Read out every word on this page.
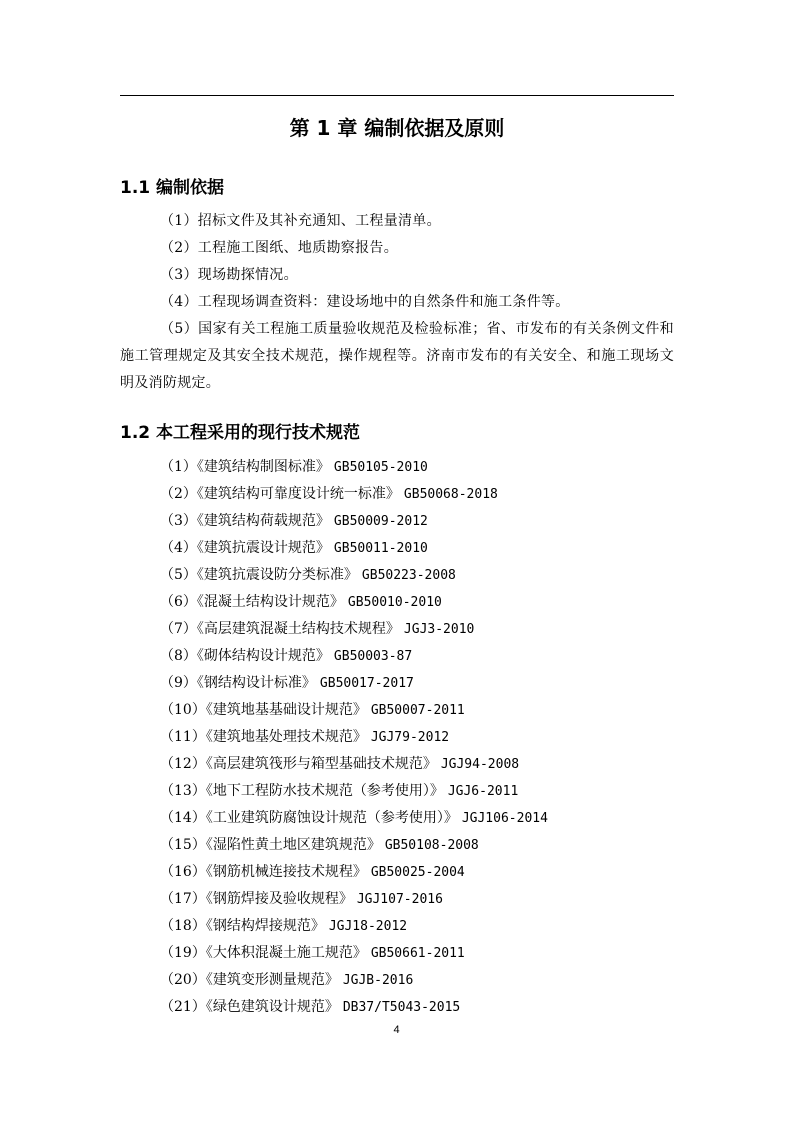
第 1 章 编制依据及原则
1.1 编制依据
（1）招标文件及其补充通知、工程量清单。
（2）工程施工图纸、地质勘察报告。
（3）现场勘探情况。
（4）工程现场调查资料：建设场地中的自然条件和施工条件等。
（5）国家有关工程施工质量验收规范及检验标准；省、市发布的有关条例文件和施工管理规定及其安全技术规范，操作规程等。济南市发布的有关安全、和施工现场文明及消防规定。
1.2 本工程采用的现行技术规范
（1）《建筑结构制图标准》 GB50105-2010
（2）《建筑结构可靠度设计统一标准》 GB50068-2018
（3）《建筑结构荷载规范》 GB50009-2012
（4）《建筑抗震设计规范》 GB50011-2010
（5）《建筑抗震设防分类标准》 GB50223-2008
（6）《混凝土结构设计规范》 GB50010-2010
（7）《高层建筑混凝土结构技术规程》 JGJ3-2010
（8）《砌体结构设计规范》 GB50003-87
（9）《钢结构设计标准》 GB50017-2017
（10）《建筑地基基础设计规范》 GB50007-2011
（11）《建筑地基处理技术规范》 JGJ79-2012
（12）《高层建筑筏形与箱型基础技术规范》 JGJ94-2008
（13）《地下工程防水技术规范（参考使用）》 JGJ6-2011
（14）《工业建筑防腐蚀设计规范（参考使用）》 JGJ106-2014
（15）《湿陷性黄土地区建筑规范》 GB50108-2008
（16）《钢筋机械连接技术规程》 GB50025-2004
（17）《钢筋焊接及验收规程》 JGJ107-2016
（18）《钢结构焊接规范》 JGJ18-2012
（19）《大体积混凝土施工规范》 GB50661-2011
（20）《建筑变形测量规范》 JGJB-2016
（21）《绿色建筑设计规范》 DB37/T5043-2015
4
